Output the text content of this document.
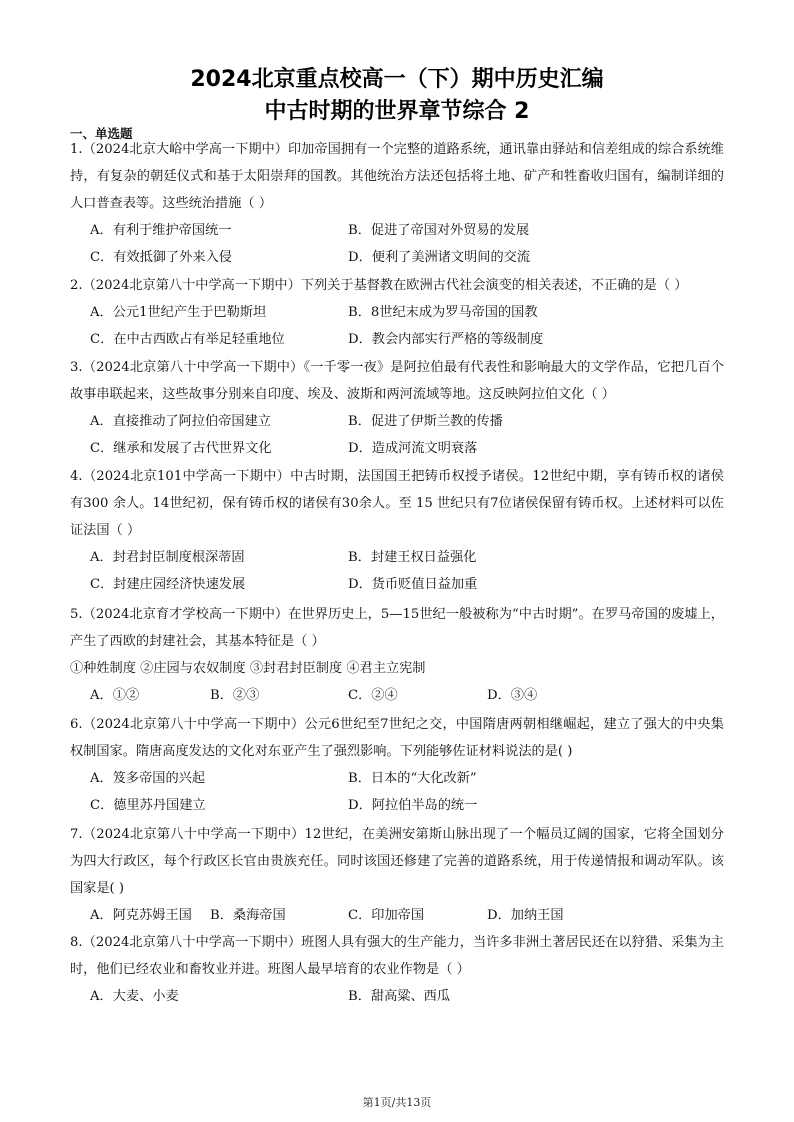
2024北京重点校高一（下）期中历史汇编
中古时期的世界章节综合 2
一、单选题
1.（2024北京大峪中学高一下期中）印加帝国拥有一个完整的道路系统，通讯靠由驿站和信差组成的综合系统维持，有复杂的朝廷仪式和基于太阳崇拜的国教。其他统治方法还包括将土地、矿产和牲畜收归国有，编制详细的人口普查表等。这些统治措施（ ）
A．有利于维护帝国统一	B．促进了帝国对外贸易的发展
C．有效抵御了外来入侵	D．便利了美洲诸文明间的交流
2.（2024北京第八十中学高一下期中）下列关于基督教在欧洲古代社会演变的相关表述，不正确的是（ ）
A．公元1世纪产生于巴勒斯坦	B．8世纪末成为罗马帝国的国教
C．在中古西欧占有举足轻重地位	D．教会内部实行严格的等级制度
3.（2024北京第八十中学高一下期中）《一千零一夜》是阿拉伯最有代表性和影响最大的文学作品，它把几百个故事串联起来，这些故事分别来自印度、埃及、波斯和两河流域等地。这反映阿拉伯文化（ ）
A．直接推动了阿拉伯帝国建立	B．促进了伊斯兰教的传播
C．继承和发展了古代世界文化	D．造成河流文明衰落
4.（2024北京101中学高一下期中）中古时期，法国国王把铸币权授予诸侯。12世纪中期，享有铸币权的诸侯有300 余人。14世纪初，保有铸币权的诸侯有30余人。至 15 世纪只有7位诸侯保留有铸币权。上述材料可以佐证法国（ ）
A．封君封臣制度根深蒂固	B．封建王权日益强化
C．封建庄园经济快速发展	D．货币贬值日益加重
5.（2024北京育才学校高一下期中）在世界历史上，5—15世纪一般被称为“中古时期”。在罗马帝国的废墟上，产生了西欧的封建社会，其基本特征是（ ）
①种姓制度 ②庄园与农奴制度 ③封君封臣制度 ④君主立宪制
A．①②	B．②③	C．②④	D．③④
6.（2024北京第八十中学高一下期中）公元6世纪至7世纪之交，中国隋唐两朝相继崛起，建立了强大的中央集权制国家。隋唐高度发达的文化对东亚产生了强烈影响。下列能够佐证材料说法的是( )
A．笈多帝国的兴起	B．日本的“大化改新”
C．德里苏丹国建立	D．阿拉伯半岛的统一
7.（2024北京第八十中学高一下期中）12世纪，在美洲安第斯山脉出现了一个幅员辽阔的国家，它将全国划分为四大行政区，每个行政区长官由贵族充任。同时该国还修建了完善的道路系统，用于传递情报和调动军队。该国家是( )
A．阿克苏姆王国 B．桑海帝国	C．印加帝国	D．加纳王国
8.（2024北京第八十中学高一下期中）班图人具有强大的生产能力，当许多非洲土著居民还在以狩猎、采集为主时，他们已经农业和畜牧业并进。班图人最早培育的农业作物是（ ）
A．大麦、小麦	B．甜高粱、西瓜
第1页/共13页
